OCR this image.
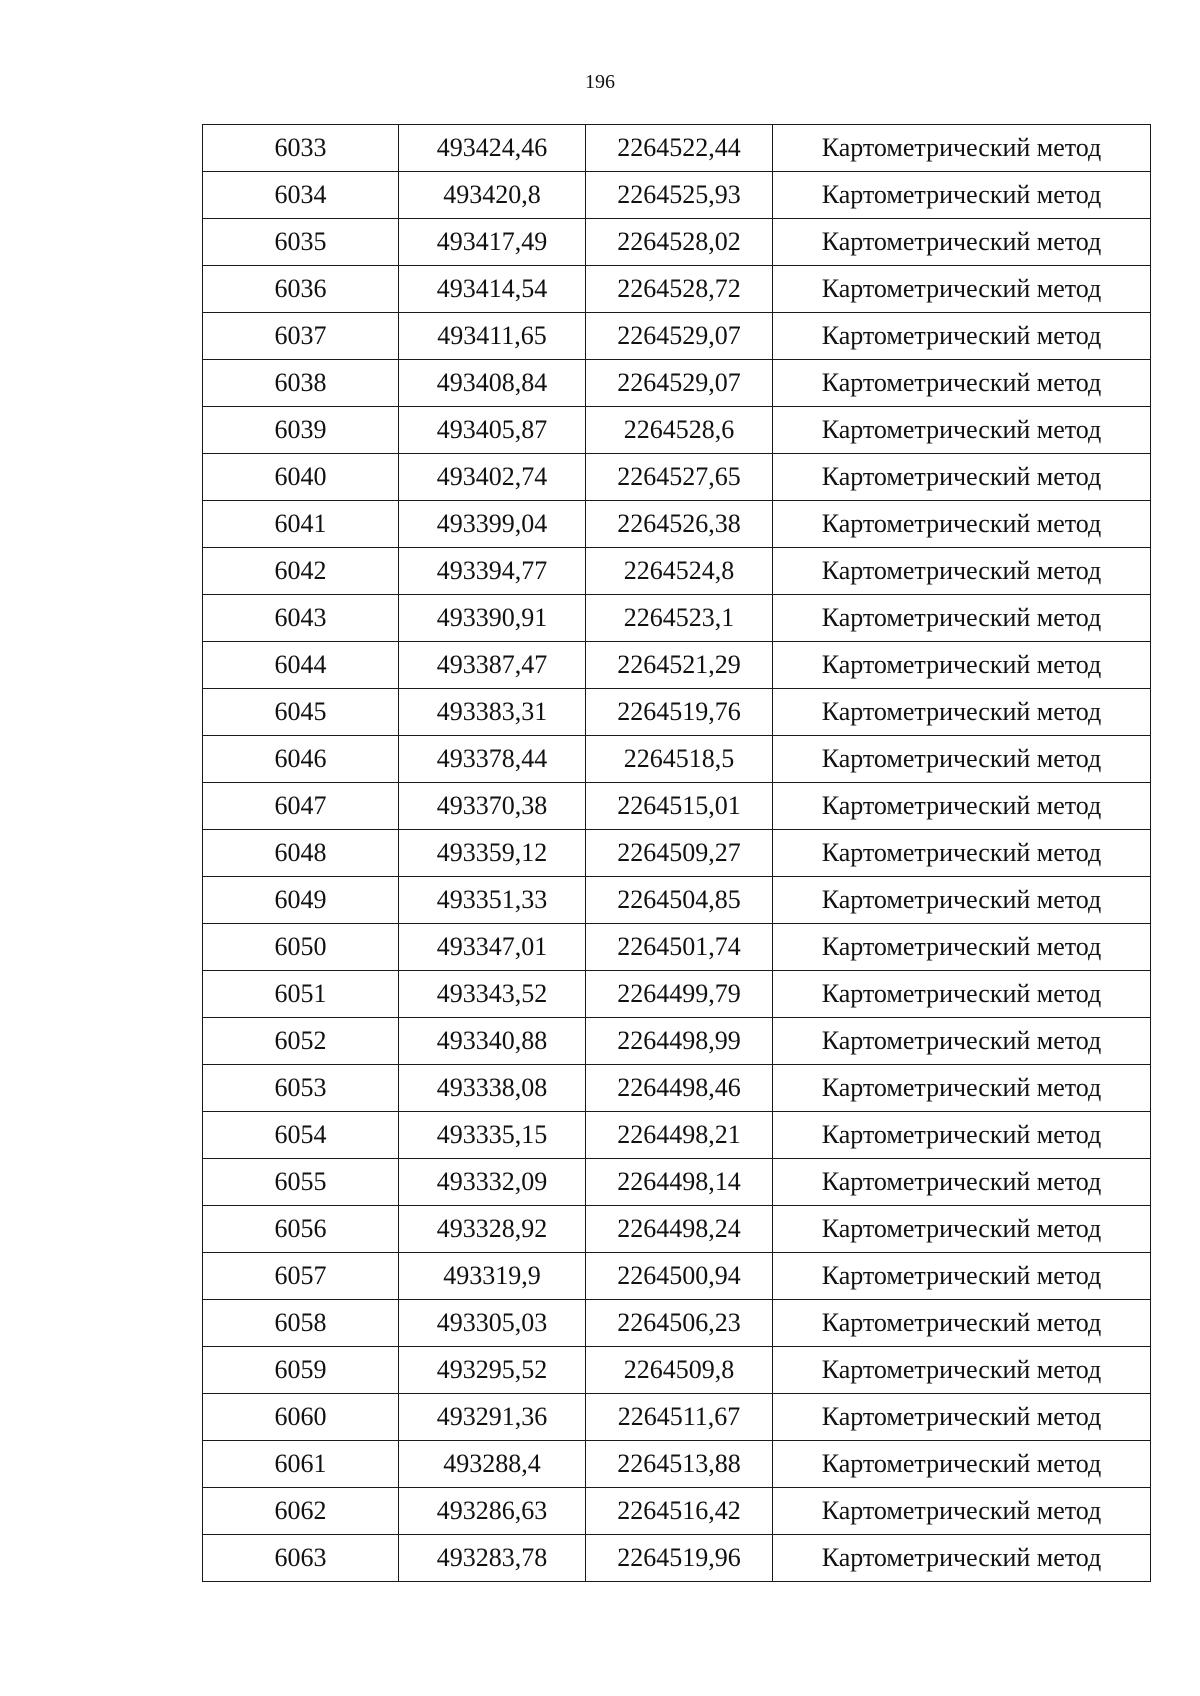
196
6033	493424,46	2264522,44	Картометрический метод
6034	493420,8	2264525,93	Картометрический метод
6035	493417,49	2264528,02	Картометрический метод
6036	493414,54	2264528,72	Картометрический метод
6037	493411,65	2264529,07	Картометрический метод
6038	493408,84	2264529,07	Картометрический метод
6039	493405,87	2264528,6	Картометрический метод
6040	493402,74	2264527,65	Картометрический метод
6041	493399,04	2264526,38	Картометрический метод
6042	493394,77	2264524,8	Картометрический метод
6043	493390,91	2264523,1	Картометрический метод
6044	493387,47	2264521,29	Картометрический метод
6045	493383,31	2264519,76	Картометрический метод
6046	493378,44	2264518,5	Картометрический метод
6047	493370,38	2264515,01	Картометрический метод
6048	493359,12	2264509,27	Картометрический метод
6049	493351,33	2264504,85	Картометрический метод
6050	493347,01	2264501,74	Картометрический метод
6051	493343,52	2264499,79	Картометрический метод
6052	493340,88	2264498,99	Картометрический метод
6053	493338,08	2264498,46	Картометрический метод
6054	493335,15	2264498,21	Картометрический метод
6055	493332,09	2264498,14	Картометрический метод
6056	493328,92	2264498,24	Картометрический метод
6057	493319,9	2264500,94	Картометрический метод
6058	493305,03	2264506,23	Картометрический метод
6059	493295,52	2264509,8	Картометрический метод
6060	493291,36	2264511,67	Картометрический метод
6061	493288,4	2264513,88	Картометрический метод
6062	493286,63	2264516,42	Картометрический метод
6063	493283,78	2264519,96	Картометрический метод
